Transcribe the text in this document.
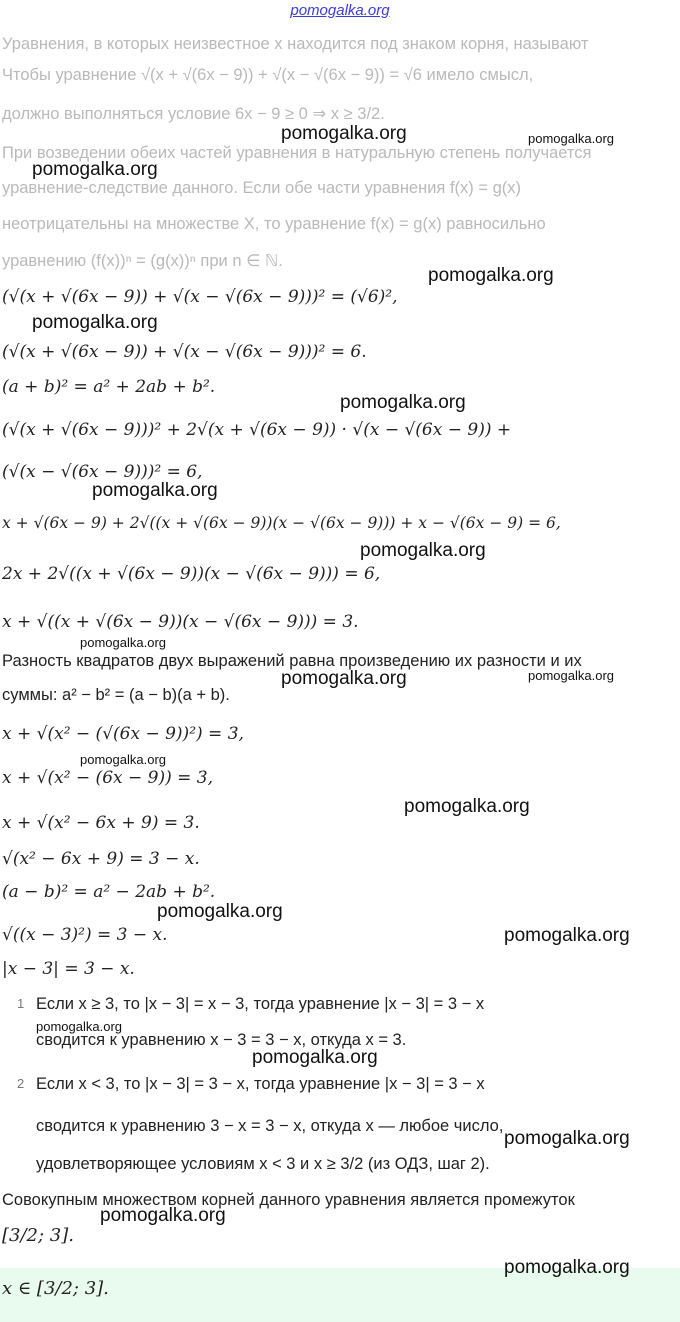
pomogalka.org
Уравнения, в которых неизвестное x находится под знаком корня, называют
Чтобы уравнение √(x + √(6x − 9)) + √(x − √(6x − 9)) = √6 имело смысл,
должно выполняться условие 6x − 9 ≥ 0 ⇒ x ≥ 3/2.
При возведении обеих частей уравнения в натуральную степень получается
уравнение-следствие данного. Если обе части уравнения f(x) = g(x)
неотрицательны на множестве X, то уравнение f(x) = g(x) равносильно
уравнению (f(x))ⁿ = (g(x))ⁿ при n ∈ ℕ.
(√(x + √(6x − 9)) + √(x − √(6x − 9)))² = (√6)²,
(√(x + √(6x − 9)) + √(x − √(6x − 9)))² = 6.
(a + b)² = a² + 2ab + b².
(√(x + √(6x − 9)))² + 2√(x + √(6x − 9)) · √(x − √(6x − 9)) +
(√(x − √(6x − 9)))² = 6,
x + √(6x − 9) + 2√((x + √(6x − 9))(x − √(6x − 9))) + x − √(6x − 9) = 6,
2x + 2√((x + √(6x − 9))(x − √(6x − 9))) = 6,
x + √((x + √(6x − 9))(x − √(6x − 9))) = 3.
Разность квадратов двух выражений равна произведению их разности и их
суммы: a² − b² = (a − b)(a + b).
x + √(x² − (√(6x − 9))²) = 3,
x + √(x² − (6x − 9)) = 3,
x + √(x² − 6x + 9) = 3.
√(x² − 6x + 9) = 3 − x.
(a − b)² = a² − 2ab + b².
√((x − 3)²) = 3 − x.
|x − 3| = 3 − x.
1 Если x ≥ 3, то |x − 3| = x − 3, тогда уравнение |x − 3| = 3 − x
сводится к уравнению x − 3 = 3 − x, откуда x = 3.
2 Если x < 3, то |x − 3| = 3 − x, тогда уравнение |x − 3| = 3 − x
сводится к уравнению 3 − x = 3 − x, откуда x — любое число,
удовлетворяющее условиям x < 3 и x ≥ 3/2 (из ОДЗ, шаг 2).
Совокупным множеством корней данного уравнения является промежуток
[3/2; 3].
x ∈ [3/2; 3].
pomogalka.org	pomogalka.org
pomogalka.org
pomogalka.org
pomogalka.org
pomogalka.org
pomogalka.org
pomogalka.org
pomogalka.org
pomogalka.org	pomogalka.org
pomogalka.org
pomogalka.org
pomogalka.org
pomogalka.org
pomogalka.org
pomogalka.org
pomogalka.org
pomogalka.org
pomogalka.org
